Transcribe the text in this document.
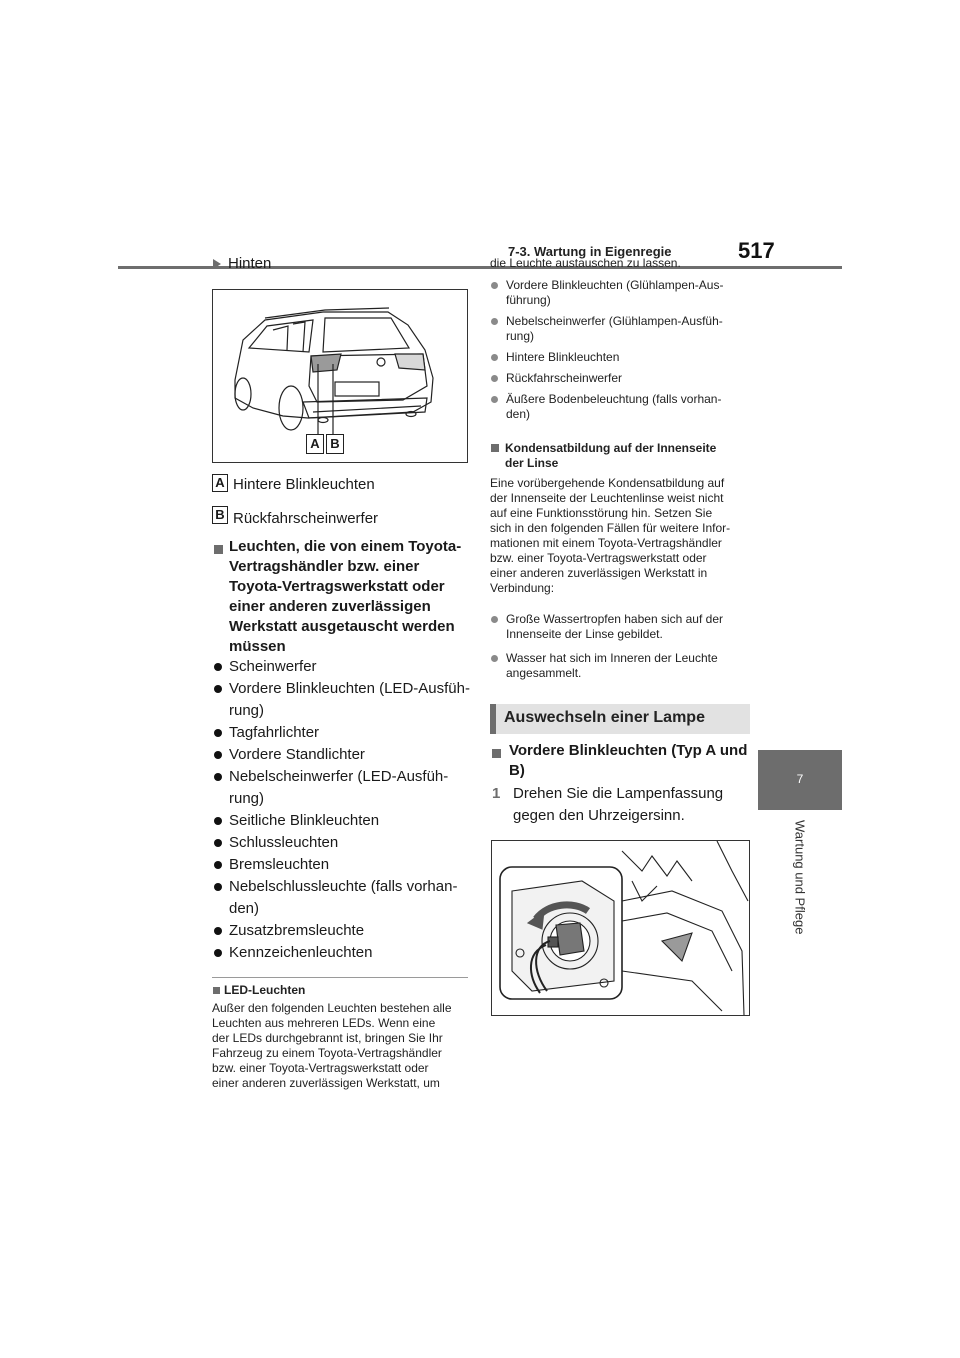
7-3. Wartung in Eigenregie	517
7
Wartung und Pflege
Hinten
A B
A Hintere Blinkleuchten
B Rückfahrscheinwerfer
Leuchten, die von einem Toyota-
Vertragshändler bzw. einer
Toyota-Vertragswerkstatt oder
einer anderen zuverlässigen
Werkstatt ausgetauscht werden
müssen
Scheinwerfer
Vordere Blinkleuchten (LED-Ausfüh-
rung)
Tagfahrlichter
Vordere Standlichter
Nebelscheinwerfer (LED-Ausfüh-
rung)
Seitliche Blinkleuchten
Schlussleuchten
Bremsleuchten
Nebelschlussleuchte (falls vorhan-
den)
Zusatzbremsleuchte
Kennzeichenleuchten
LED-Leuchten
Außer den folgenden Leuchten bestehen alle
Leuchten aus mehreren LEDs. Wenn eine
der LEDs durchgebrannt ist, bringen Sie Ihr
Fahrzeug zu einem Toyota-Vertragshändler
bzw. einer Toyota-Vertragswerkstatt oder
einer anderen zuverlässigen Werkstatt, um
die Leuchte austauschen zu lassen.
Vordere Blinkleuchten (Glühlampen-Aus-
führung)
Nebelscheinwerfer (Glühlampen-Ausfüh-
rung)
Hintere Blinkleuchten
Rückfahrscheinwerfer
Äußere Bodenbeleuchtung (falls vorhan-
den)
Kondensatbildung auf der Innenseite
der Linse
Eine vorübergehende Kondensatbildung auf
der Innenseite der Leuchtenlinse weist nicht
auf eine Funktionsstörung hin. Setzen Sie
sich in den folgenden Fällen für weitere Infor-
mationen mit einem Toyota-Vertragshändler
bzw. einer Toyota-Vertragswerkstatt oder
einer anderen zuverlässigen Werkstatt in
Verbindung:
Große Wassertropfen haben sich auf der
Innenseite der Linse gebildet.
Wasser hat sich im Inneren der Leuchte
angesammelt.
Auswechseln einer Lampe
Vordere Blinkleuchten (Typ A und
B)
1 Drehen Sie die Lampenfassung
gegen den Uhrzeigersinn.
